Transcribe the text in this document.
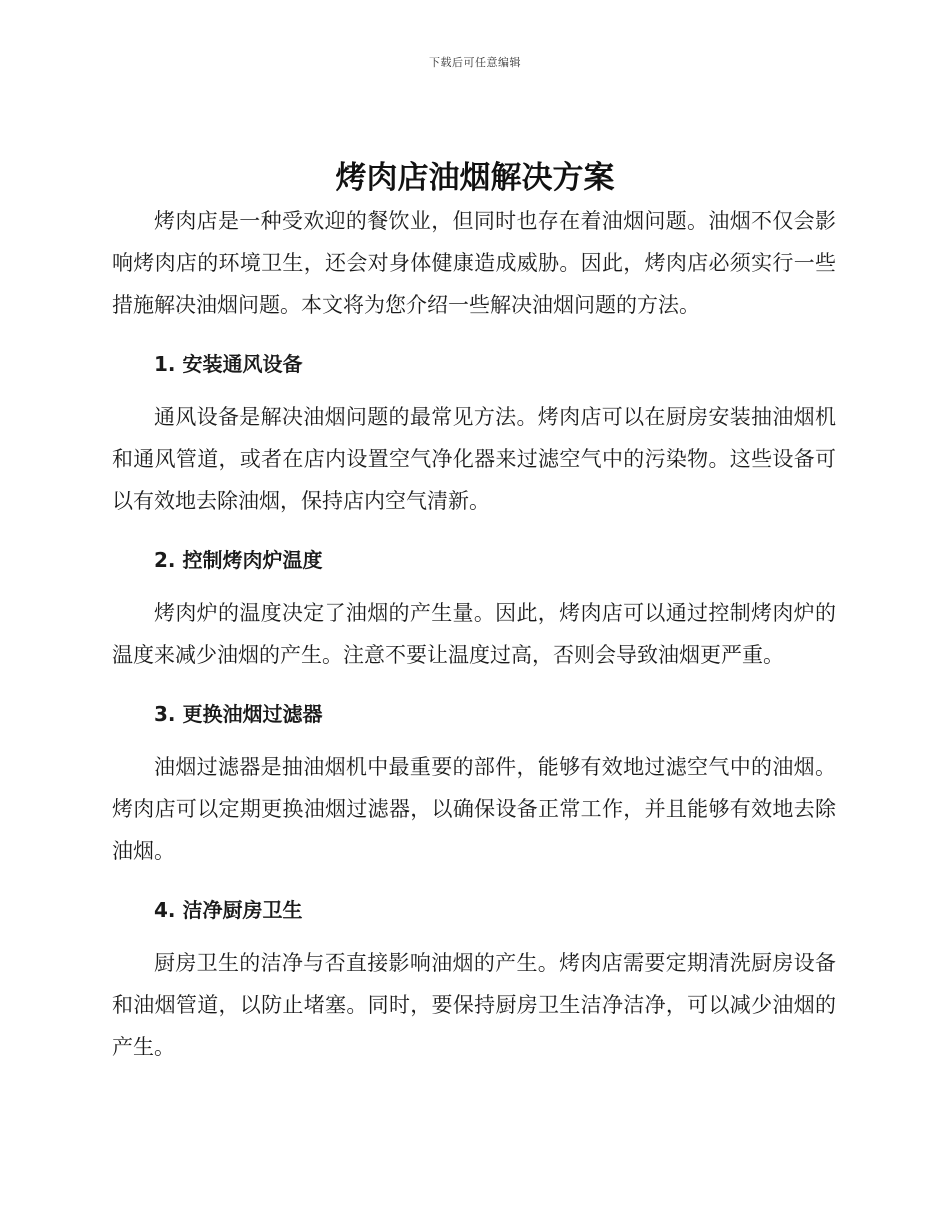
下载后可任意编辑
烤肉店油烟解决方案

烤肉店是一种受欢迎的餐饮业，但同时也存在着油烟问题。油烟不仅会影响烤肉店的环境卫生，还会对身体健康造成威胁。因此，烤肉店必须实行一些措施解决油烟问题。本文将为您介绍一些解决油烟问题的方法。

1. 安装通风设备

通风设备是解决油烟问题的最常见方法。烤肉店可以在厨房安装抽油烟机和通风管道，或者在店内设置空气净化器来过滤空气中的污染物。这些设备可以有效地去除油烟，保持店内空气清新。

2. 控制烤肉炉温度

烤肉炉的温度决定了油烟的产生量。因此，烤肉店可以通过控制烤肉炉的温度来减少油烟的产生。注意不要让温度过高，否则会导致油烟更严重。

3. 更换油烟过滤器

油烟过滤器是抽油烟机中最重要的部件，能够有效地过滤空气中的油烟。烤肉店可以定期更换油烟过滤器，以确保设备正常工作，并且能够有效地去除油烟。

4. 洁净厨房卫生

厨房卫生的洁净与否直接影响油烟的产生。烤肉店需要定期清洗厨房设备和油烟管道，以防止堵塞。同时，要保持厨房卫生洁净洁净，可以减少油烟的产生。
